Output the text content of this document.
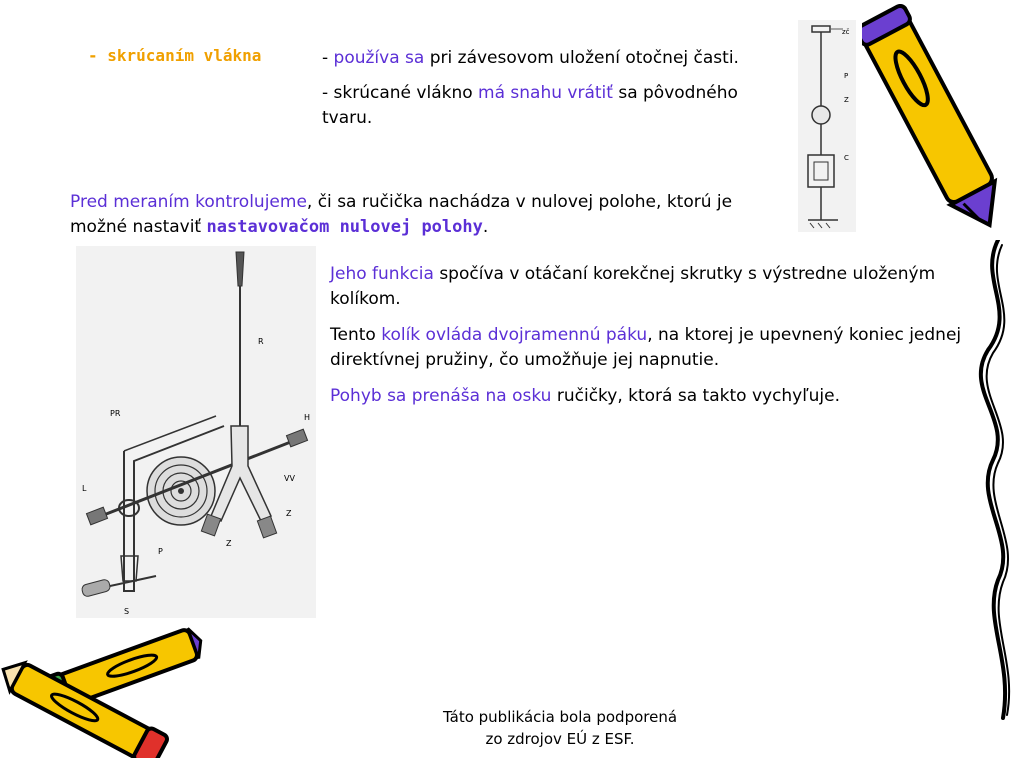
- skrúcaním vlákna	- používa sa pri závesovom uložení otočnej časti.

- skrúcané vlákno má snahu vrátiť sa pôvodného tvaru.

zč
P
Z
C
Pred meraním kontrolujeme, či sa ručička nachádza v nulovej polohe, ktorú je možné nastaviť nastavovačom nulovej polohy.
R
PR	H
VV
L
Z
Z
P
S

Jeho funkcia spočíva v otáčaní korekčnej skrutky s výstredne uloženým kolíkom.

Tento kolík ovláda dvojramennú páku, na ktorej je upevnený koniec jednej direktívnej pružiny, čo umožňuje jej napnutie.

Pohyb sa prenáša na osku ručičky, ktorá sa takto vychyľuje.

Táto publikácia bola podporená
zo zdrojov EÚ z ESF.
